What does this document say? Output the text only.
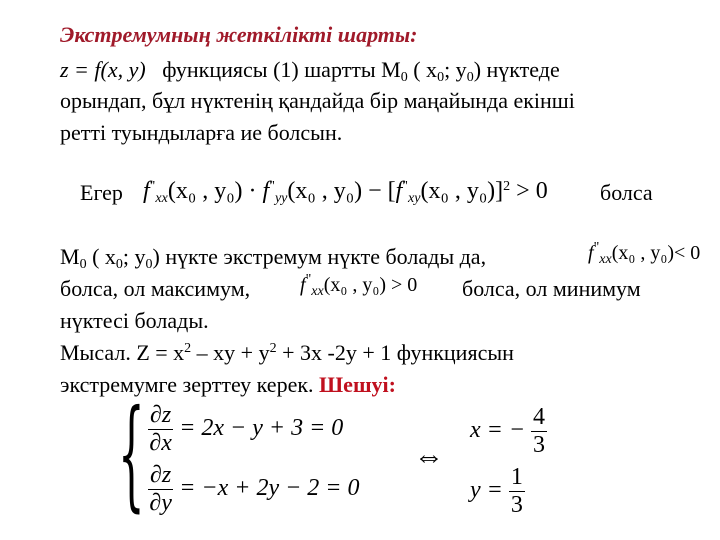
Экстремумның жеткілікті шарты:
z = f(x, y) функциясы (1) шартты $М_0$ ( $x_0$; $y_0$) нүктеде
орындап, бұл нүктенің қандайда бір маңайында екінші
ретті туындыларға ие болсын.
Егер $f^"_{xx}(x_0$ , $y_0) \cdot f^"_{yy}(x_0$ , $y_0) - [f^"_{xy}(x_0$ , y₀)]$^2$ > 0 болса
$М_0$ ( $x_0$; $y_0$) нүкте экстремум нүкте болады да,	$f^"_{xx}(x_0$ , y₀)< 0
болса, ол максимум, $f^"_{xx}(x_0$ , y₀) > 0 болса, ол минимум
нүктесі болады.
Мысал. $Z = x^2$ – xy + $y^2 + 3x$ -2y + 1 функциясын
экстремумге зерттеу керек. Шешуі:
{ $\frac{\partial z}{\partial x} = 2x - y + 3 = 0$
$\frac{\partial z}{\partial y} = -x + 2y - 2 = 0$
⇔
x = − $\frac{4}{3}$
$y = \frac{1}{3}$
